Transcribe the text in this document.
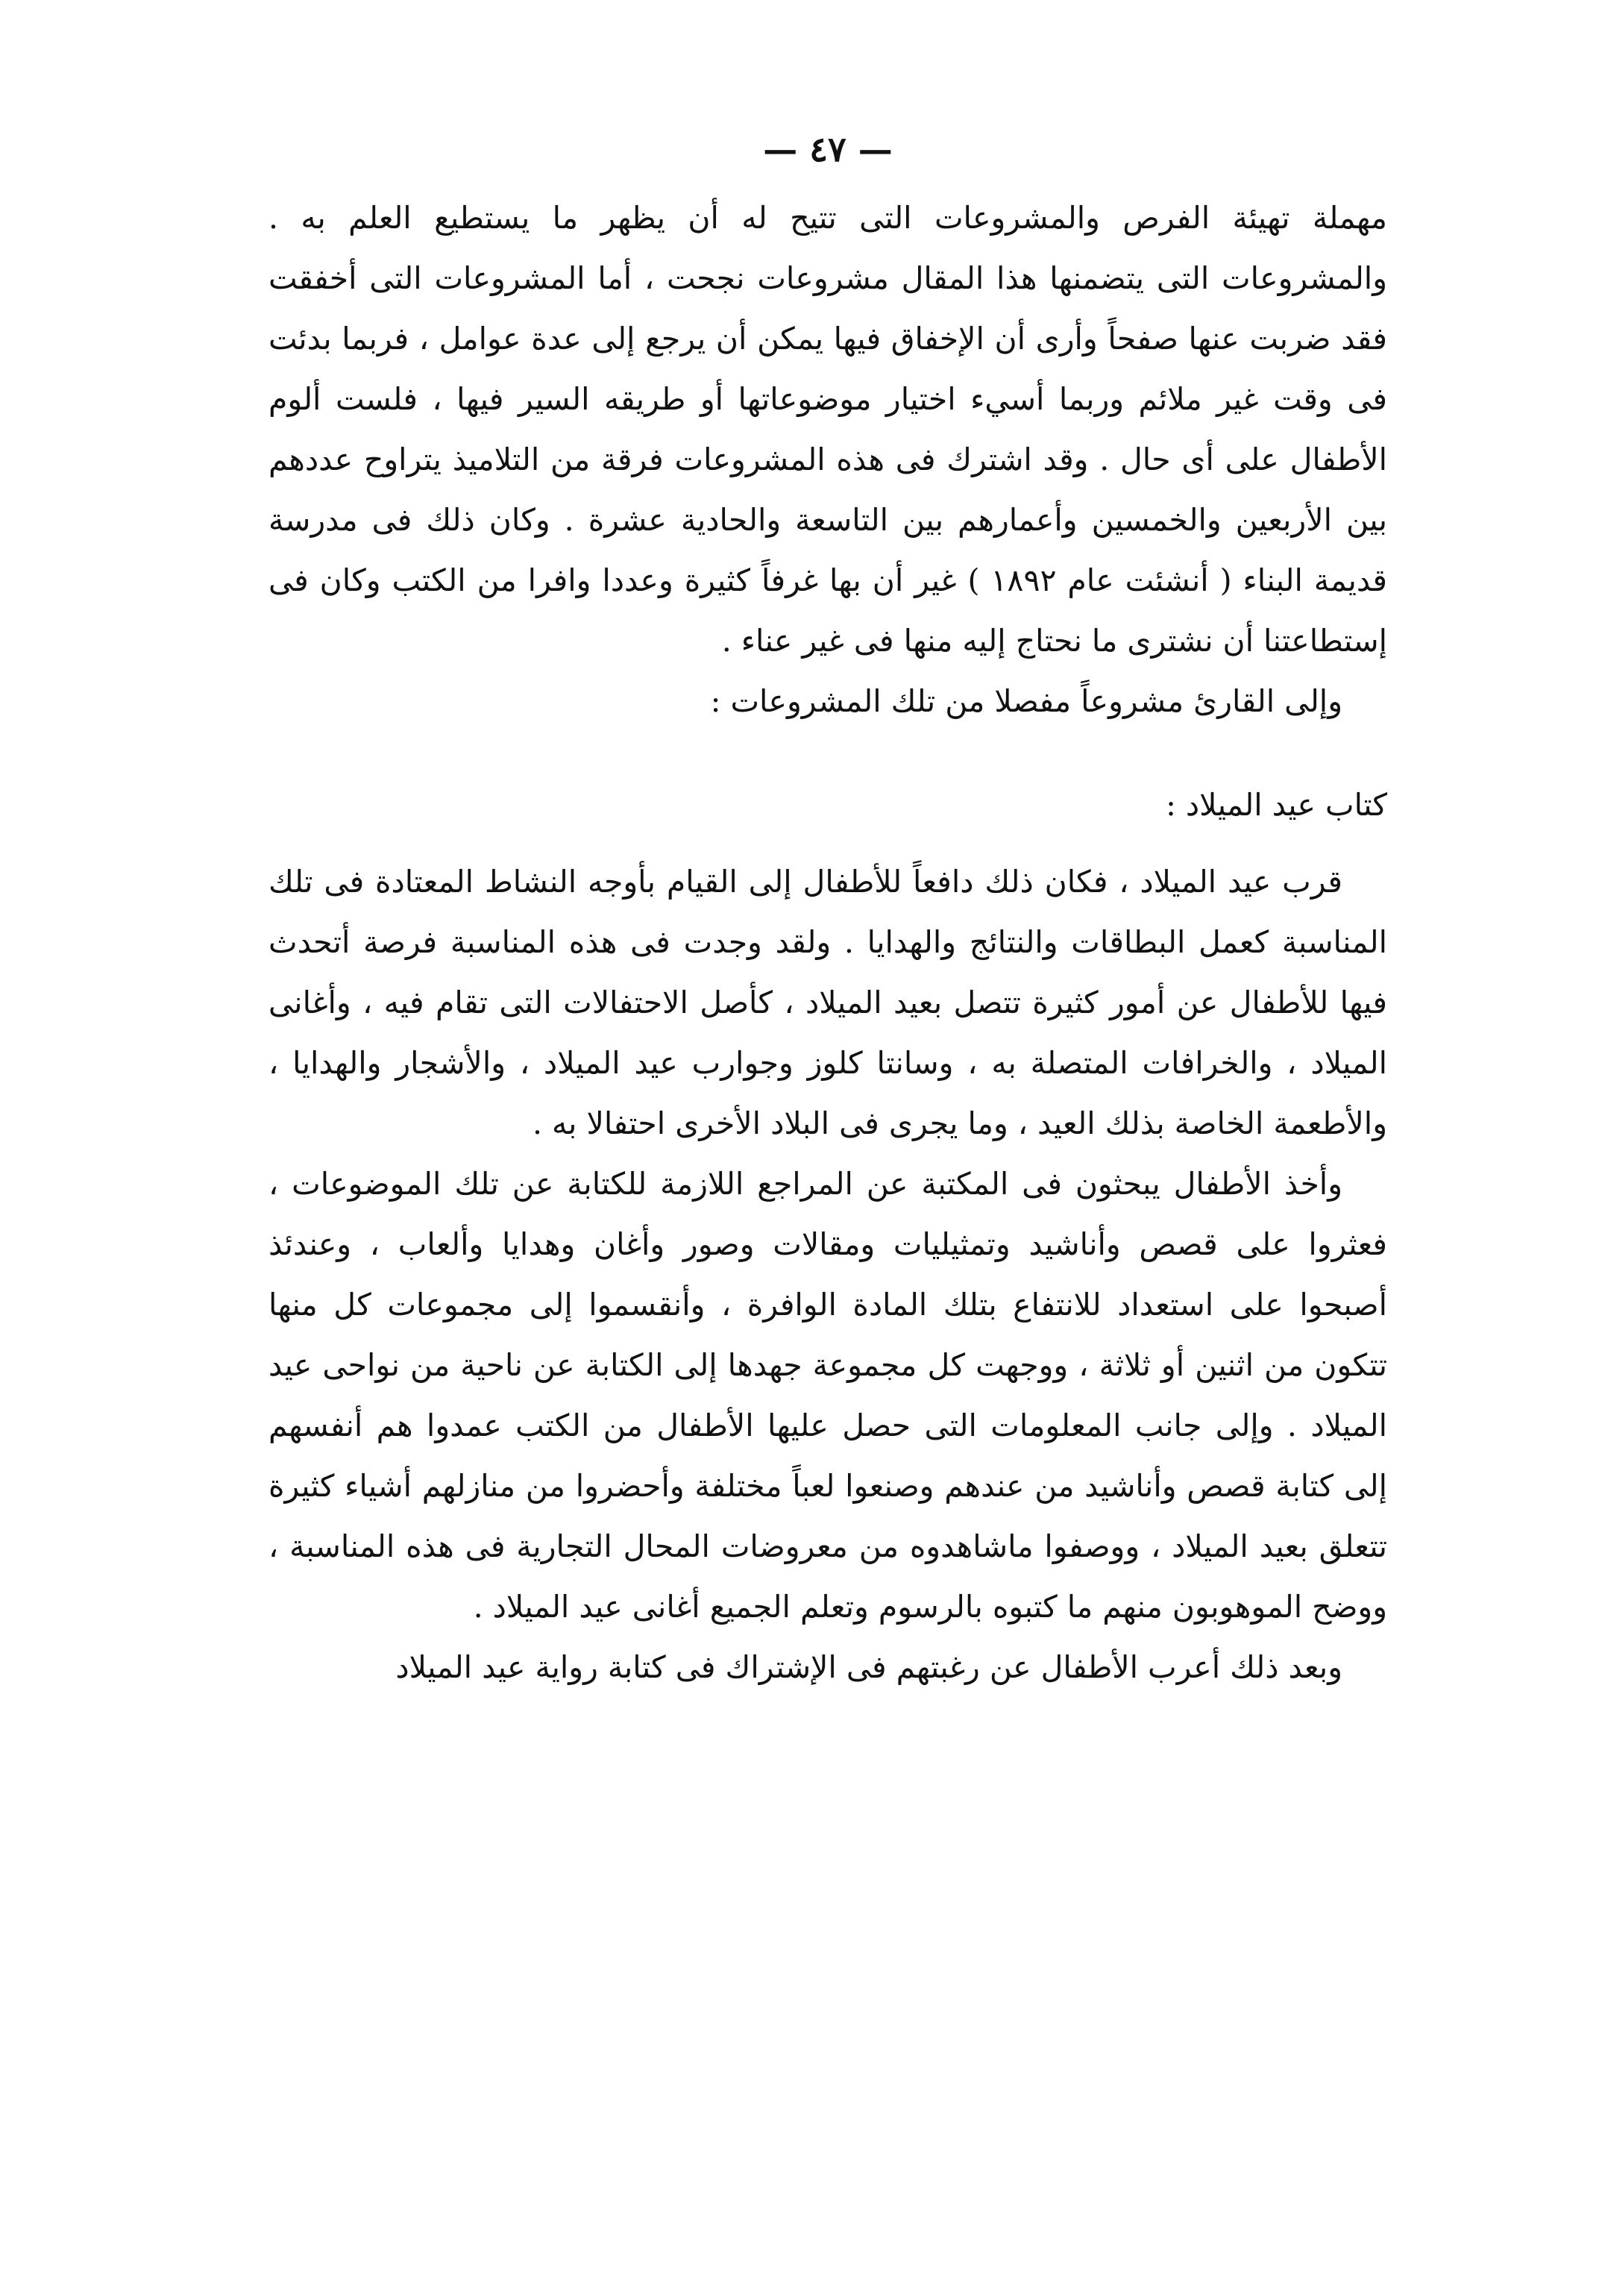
— ٤٧ —

مهملة تهيئة الفرص والمشروعات التى تتيح له أن يظهر ما يستطيع العلم به . والمشروعات التى يتضمنها هذا المقال مشروعات نجحت ، أما المشروعات التى أخفقت فقد ضربت عنها صفحاً وأرى أن الإخفاق فيها يمكن أن يرجع إلى عدة عوامل ، فربما بدئت فى وقت غير ملائم وربما أسيء اختيار موضوعاتها أو طريقه السير فيها ، فلست ألوم الأطفال على أى حال . وقد اشترك فى هذه المشروعات فرقة من التلاميذ يتراوح عددهم بين الأربعين والخمسين وأعمارهم بين التاسعة والحادية عشرة . وكان ذلك فى مدرسة قديمة البناء ( أنشئت عام ١٨٩٢ ) غير أن بها غرفاً كثيرة وعددا وافرا من الكتب وكان فى إستطاعتنا أن نشترى ما نحتاج إليه منها فى غير عناء .

وإلى القارئ مشروعاً مفصلا من تلك المشروعات :

كتاب عيد الميلاد :

قرب عيد الميلاد ، فكان ذلك دافعاً للأطفال إلى القيام بأوجه النشاط المعتادة فى تلك المناسبة كعمل البطاقات والنتائج والهدايا . ولقد وجدت فى هذه المناسبة فرصة أتحدث فيها للأطفال عن أمور كثيرة تتصل بعيد الميلاد ، كأصل الاحتفالات التى تقام فيه ، وأغانى الميلاد ، والخرافات المتصلة به ، وسانتا كلوز وجوارب عيد الميلاد ، والأشجار والهدايا ، والأطعمة الخاصة بذلك العيد ، وما يجرى فى البلاد الأخرى احتفالا به .

وأخذ الأطفال يبحثون فى المكتبة عن المراجع اللازمة للكتابة عن تلك الموضوعات ، فعثروا على قصص وأناشيد وتمثيليات ومقالات وصور وأغان وهدايا وألعاب ، وعندئذ أصبحوا على استعداد للانتفاع بتلك المادة الوافرة ، وأنقسموا إلى مجموعات كل منها تتكون من اثنين أو ثلاثة ، ووجهت كل مجموعة جهدها إلى الكتابة عن ناحية من نواحى عيد الميلاد . وإلى جانب المعلومات التى حصل عليها الأطفال من الكتب عمدوا هم أنفسهم إلى كتابة قصص وأناشيد من عندهم وصنعوا لعباً مختلفة وأحضروا من منازلهم أشياء كثيرة تتعلق بعيد الميلاد ، ووصفوا ماشاهدوه من معروضات المحال التجارية فى هذه المناسبة ، ووضح الموهوبون منهم ما كتبوه بالرسوم وتعلم الجميع أغانى عيد الميلاد .

وبعد ذلك أعرب الأطفال عن رغبتهم فى الإشتراك فى كتابة رواية عيد الميلاد
